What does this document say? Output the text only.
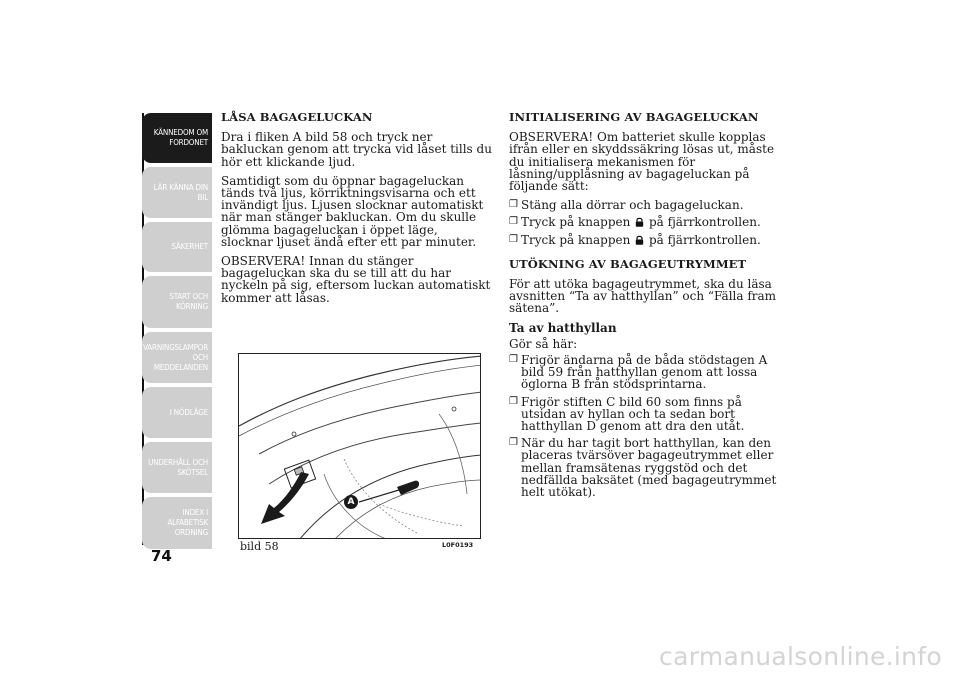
KÄNNEDOM OM
FORDONET
LÄR KÄNNA DIN
BIL
SÄKERHET
START OCH
KÖRNING
VARNINGSLAMPOR
OCH
MEDDELANDEN
I NÖDLÄGE
UNDERHÅLL OCH
SKÖTSEL
INDEX I
ALFABETISK
ORDNING
74
LÅSA BAGAGELUCKAN

Dra i fliken A bild 58 och tryck ner bakluckan genom att trycka vid låset tills du hör ett klickande ljud.

Samtidigt som du öppnar bagageluckan tänds två ljus, körriktningsvisarna och ett invändigt ljus. Ljusen slocknar automatiskt när man stänger bakluckan. Om du skulle glömma bagageluckan i öppet läge, slocknar ljuset ändå efter ett par minuter.

OBSERVERA! Innan du stänger bagageluckan ska du se till att du har nyckeln på sig, eftersom luckan automatiskt kommer att låsas.

A
bild 58	L0F0193
INITIALISERING AV BAGAGELUCKAN

OBSERVERA! Om batteriet skulle kopplas ifrån eller en skyddssäkring lösas ut, måste du initialisera mekanismen för låsning/upplåsning av bagageluckan på följande sätt:

❐ Stäng alla dörrar och bagageluckan.
❐ Tryck på knappen på fjärrkontrollen.
❐ Tryck på knappen på fjärrkontrollen.
UTÖKNING AV BAGAGEUTRYMMET

För att utöka bagageutrymmet, ska du läsa avsnitten “Ta av hatthyllan” och “Fälla fram sätena”.

Ta av hatthyllan

Gör så här:

❐ Frigör ändarna på de båda stödstagen A bild 59 från hatthyllan genom att lossa öglorna B från stödsprintarna.
❐ Frigör stiften C bild 60 som finns på utsidan av hyllan och ta sedan bort hatthyllan D genom att dra den utåt.
❐ När du har tagit bort hatthyllan, kan den placeras tvärsöver bagageutrymmet eller mellan framsätenas ryggstöd och det nedfällda baksätet (med bagageutrymmet helt utökat).
carmanualsonline.info
